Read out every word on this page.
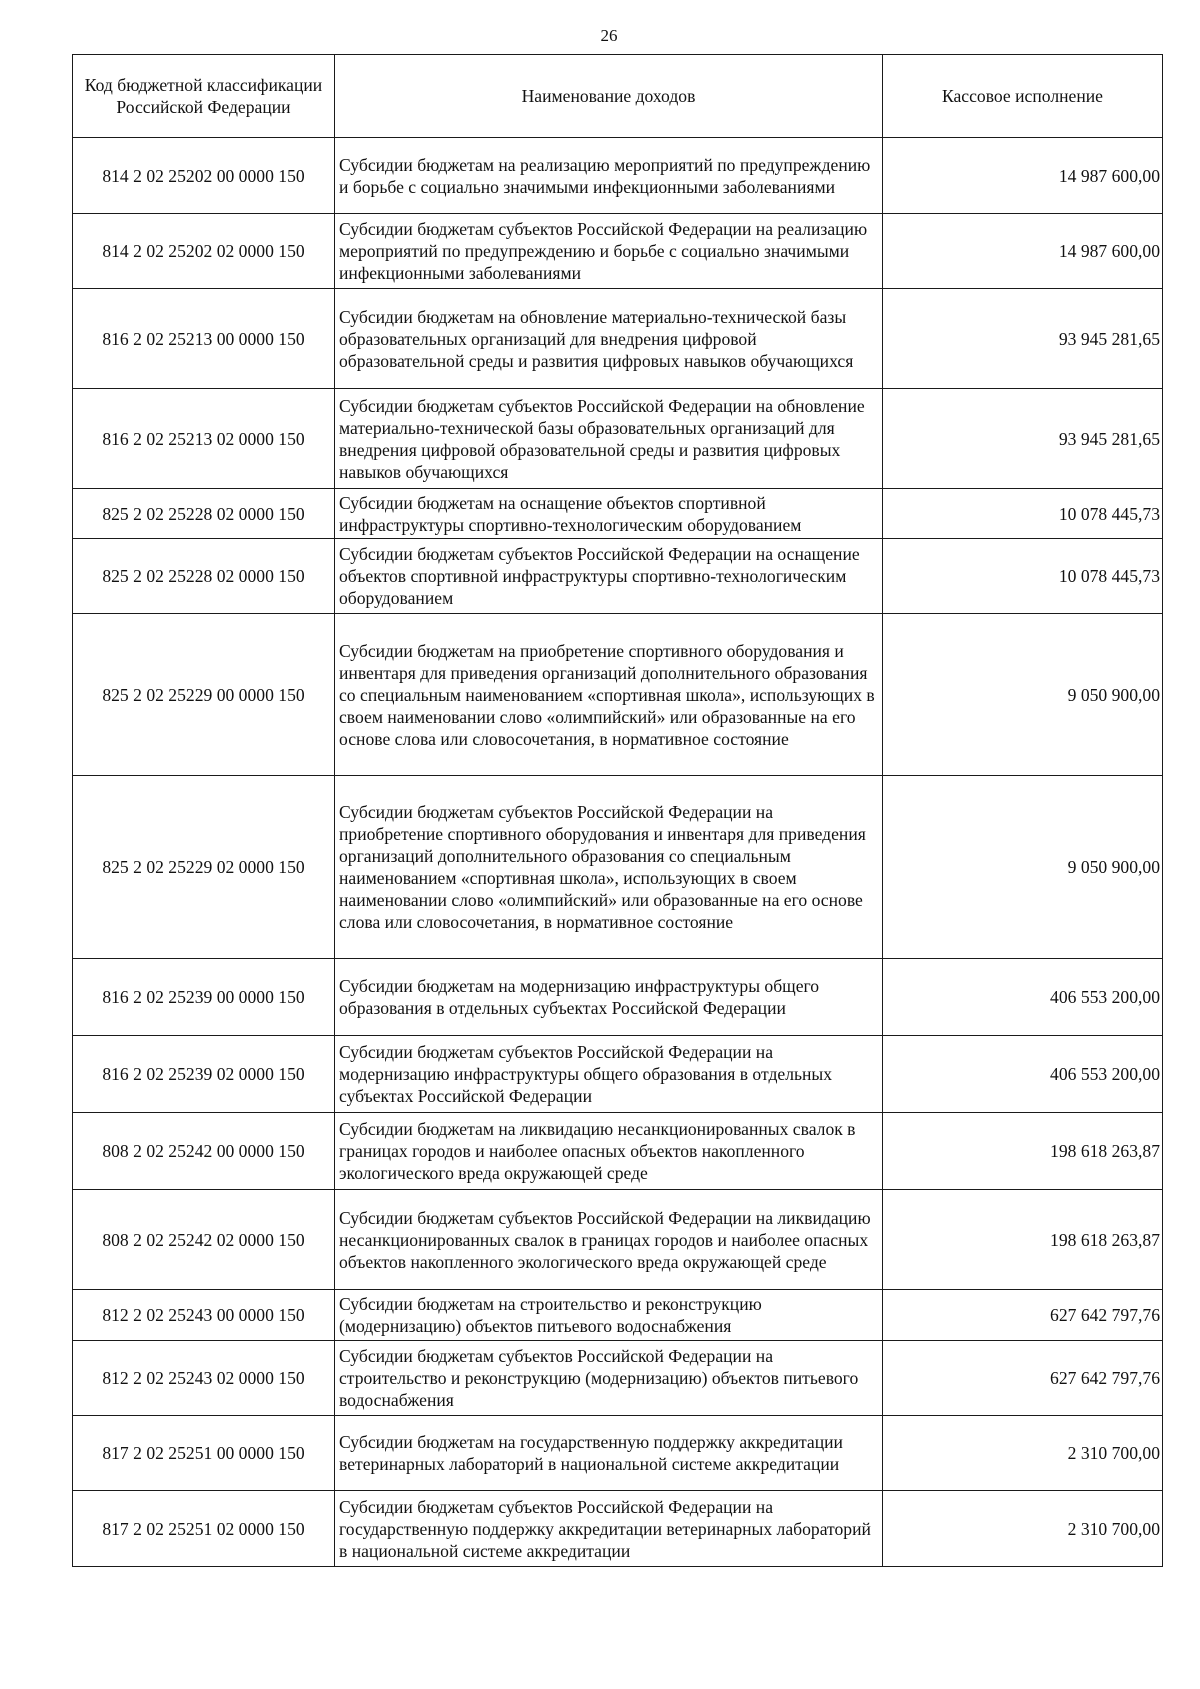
26
Код бюджетной классификации Российской Федерации	Наименование доходов	Кассовое исполнение
814 2 02 25202 00 0000 150	Субсидии бюджетам на реализацию мероприятий по предупреждению и борьбе с социально значимыми инфекционными заболеваниями	14 987 600,00
814 2 02 25202 02 0000 150	Субсидии бюджетам субъектов Российской Федерации на реализацию мероприятий по предупреждению и борьбе с социально значимыми инфекционными заболеваниями	14 987 600,00
816 2 02 25213 00 0000 150	Субсидии бюджетам на обновление материально-технической базы образовательных организаций для внедрения цифровой образовательной среды и развития цифровых навыков обучающихся	93 945 281,65
816 2 02 25213 02 0000 150	Субсидии бюджетам субъектов Российской Федерации на обновление материально-технической базы образовательных организаций для внедрения цифровой образовательной среды и развития цифровых навыков обучающихся	93 945 281,65
825 2 02 25228 02 0000 150	Субсидии бюджетам на оснащение объектов спортивной инфраструктуры спортивно-технологическим оборудованием	10 078 445,73
825 2 02 25228 02 0000 150	Субсидии бюджетам субъектов Российской Федерации на оснащение объектов спортивной инфраструктуры спортивно-технологическим оборудованием	10 078 445,73
825 2 02 25229 00 0000 150	Субсидии бюджетам на приобретение спортивного оборудования и инвентаря для приведения организаций дополнительного образования со специальным наименованием «спортивная школа», использующих в своем наименовании слово «олимпийский» или образованные на его основе слова или словосочетания, в нормативное состояние	9 050 900,00
825 2 02 25229 02 0000 150	Субсидии бюджетам субъектов Российской Федерации на приобретение спортивного оборудования и инвентаря для приведения организаций дополнительного образования со специальным наименованием «спортивная школа», использующих в своем наименовании слово «олимпийский» или образованные на его основе слова или словосочетания, в нормативное состояние	9 050 900,00
816 2 02 25239 00 0000 150	Субсидии бюджетам на модернизацию инфраструктуры общего образования в отдельных субъектах Российской Федерации	406 553 200,00
816 2 02 25239 02 0000 150	Субсидии бюджетам субъектов Российской Федерации на модернизацию инфраструктуры общего образования в отдельных субъектах Российской Федерации	406 553 200,00
808 2 02 25242 00 0000 150	Субсидии бюджетам на ликвидацию несанкционированных свалок в границах городов и наиболее опасных объектов накопленного экологического вреда окружающей среде	198 618 263,87
808 2 02 25242 02 0000 150	Субсидии бюджетам субъектов Российской Федерации на ликвидацию несанкционированных свалок в границах городов и наиболее опасных объектов накопленного экологического вреда окружающей среде	198 618 263,87
812 2 02 25243 00 0000 150	Субсидии бюджетам на строительство и реконструкцию (модернизацию) объектов питьевого водоснабжения	627 642 797,76
812 2 02 25243 02 0000 150	Субсидии бюджетам субъектов Российской Федерации на строительство и реконструкцию (модернизацию) объектов питьевого водоснабжения	627 642 797,76
817 2 02 25251 00 0000 150	Субсидии бюджетам на государственную поддержку аккредитации ветеринарных лабораторий в национальной системе аккредитации	2 310 700,00
817 2 02 25251 02 0000 150	Субсидии бюджетам субъектов Российской Федерации на государственную поддержку аккредитации ветеринарных лабораторий в национальной системе аккредитации	2 310 700,00
